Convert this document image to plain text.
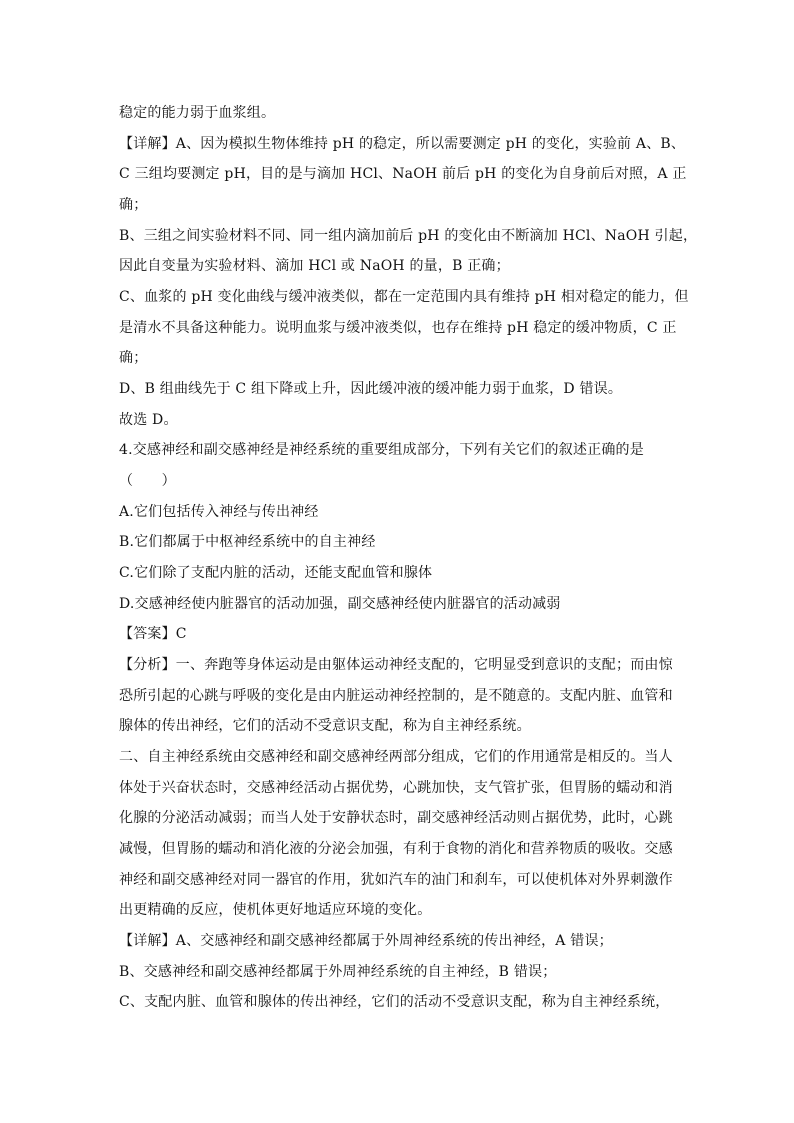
稳定的能力弱于血浆组。
【详解】A、因为模拟生物体维持 pH 的稳定，所以需要测定 pH 的变化，实验前 A、B、
C 三组均要测定 pH，目的是与滴加 HCl、NaOH 前后 pH 的变化为自身前后对照，A 正
确；
B、三组之间实验材料不同、同一组内滴加前后 pH 的变化由不断滴加 HCl、NaOH 引起，
因此自变量为实验材料、滴加 HCl 或 NaOH 的量，B 正确；
C、血浆的 pH 变化曲线与缓冲液类似，都在一定范围内具有维持 pH 相对稳定的能力，但
是清水不具备这种能力。说明血浆与缓冲液类似，也存在维持 pH 稳定的缓冲物质，C 正
确；
D、B 组曲线先于 C 组下降或上升，因此缓冲液的缓冲能力弱于血浆，D 错误。
故选 D。
4.交感神经和副交感神经是神经系统的重要组成部分，下列有关它们的叙述正确的是
（　　）
A.它们包括传入神经与传出神经
B.它们都属于中枢神经系统中的自主神经
C.它们除了支配内脏的活动，还能支配血管和腺体
D.交感神经使内脏器官的活动加强，副交感神经使内脏器官的活动减弱
【答案】C
【分析】一、奔跑等身体运动是由躯体运动神经支配的，它明显受到意识的支配；而由惊
恐所引起的心跳与呼吸的变化是由内脏运动神经控制的，是不随意的。支配内脏、血管和
腺体的传出神经，它们的活动不受意识支配，称为自主神经系统。
二、自主神经系统由交感神经和副交感神经两部分组成，它们的作用通常是相反的。当人
体处于兴奋状态时，交感神经活动占据优势，心跳加快，支气管扩张，但胃肠的蠕动和消
化腺的分泌活动减弱；而当人处于安静状态时，副交感神经活动则占据优势，此时，心跳
减慢，但胃肠的蠕动和消化液的分泌会加强，有利于食物的消化和营养物质的吸收。交感
神经和副交感神经对同一器官的作用，犹如汽车的油门和刹车，可以使机体对外界刺激作
出更精确的反应，使机体更好地适应环境的变化。
【详解】A、交感神经和副交感神经都属于外周神经系统的传出神经，A 错误；
B、交感神经和副交感神经都属于外周神经系统的自主神经，B 错误；
C、支配内脏、血管和腺体的传出神经，它们的活动不受意识支配，称为自主神经系统，
